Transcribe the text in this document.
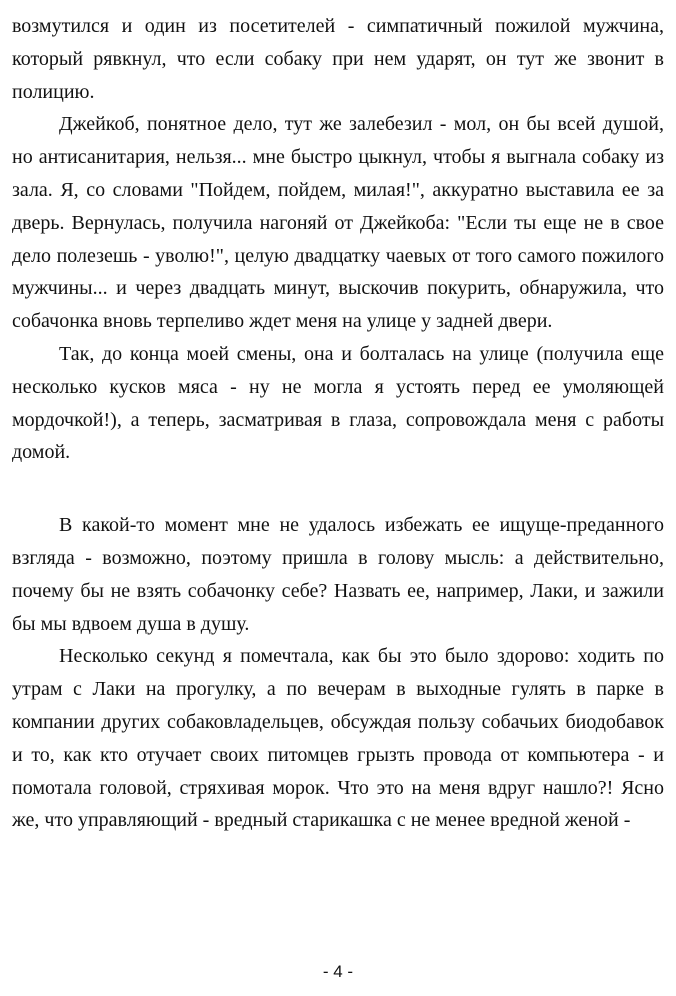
возмутился и один из посетителей - симпатичный пожилой мужчина, который рявкнул, что если собаку при нем ударят, он тут же звонит в полицию.

Джейкоб, понятное дело, тут же залебезил - мол, он бы всей душой, но антисанитария, нельзя... мне быстро цыкнул, чтобы я выгнала собаку из зала. Я, со словами "Пойдем, пойдем, милая!", аккуратно выставила ее за дверь. Вернулась, получила нагоняй от Джейкоба: "Если ты еще не в свое дело полезешь - уволю!", целую двадцатку чаевых от того самого пожилого мужчины... и через двадцать минут, выскочив покурить, обнаружила, что собачонка вновь терпеливо ждет меня на улице у задней двери.

Так, до конца моей смены, она и болталась на улице (получила еще несколько кусков мяса - ну не могла я устоять перед ее умоляющей мордочкой!), а теперь, засматривая в глаза, сопровождала меня с работы домой.

В какой-то момент мне не удалось избежать ее ищуще-преданного взгляда - возможно, поэтому пришла в голову мысль: а действительно, почему бы не взять собачонку себе? Назвать ее, например, Лаки, и зажили бы мы вдвоем душа в душу.

Несколько секунд я помечтала, как бы это было здорово: ходить по утрам с Лаки на прогулку, а по вечерам в выходные гулять в парке в компании других собаковладельцев, обсуждая пользу собачьих биодобавок и то, как кто отучает своих питомцев грызть провода от компьютера - и помотала головой, стряхивая морок. Что это на меня вдруг нашло?! Ясно же, что управляющий - вредный старикашка с не менее вредной женой -

- 4 -
